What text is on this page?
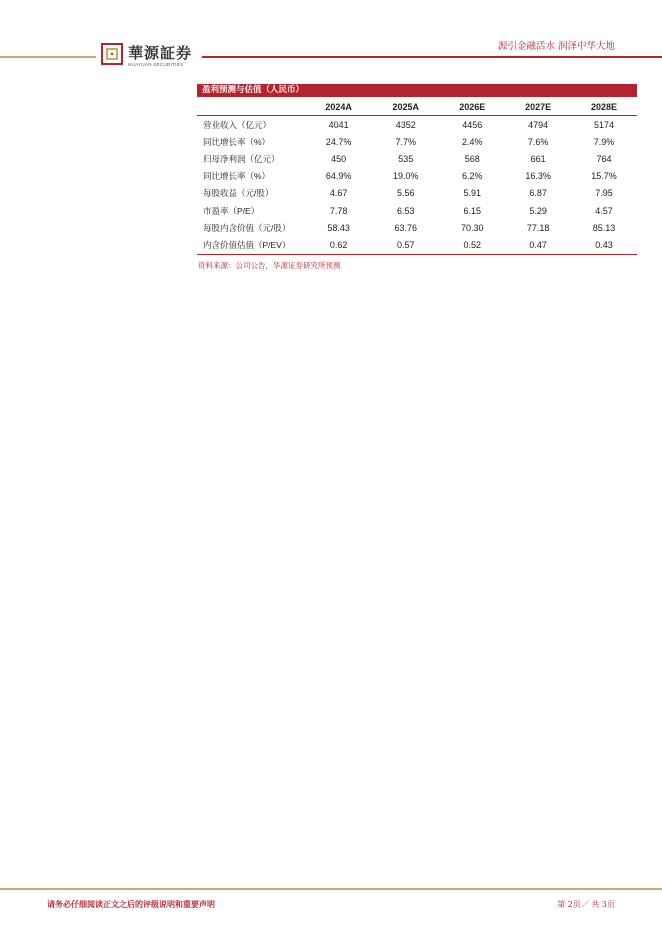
華源証券
HUAYUAN SECURITIES
源引金融活水 润泽中华大地
盈利预测与估值（人民币）
	2024A	2025A	2026E	2027E	2028E
营业收入（亿元）	4041	4352	4456	4794	5174
同比增长率（%）	24.7%	7.7%	2.4%	7.6%	7.9%
归母净利润（亿元）	450	535	568	661	764
同比增长率（%）	64.9%	19.0%	6.2%	16.3%	15.7%
每股收益（元/股）	4.67	5.56	5.91	6.87	7.95
市盈率（P/E）	7.78	6.53	6.15	5.29	4.57
每股内含价值（元/股）	58.43	63.76	70.30	77.18	85.13
内含价值估值（P/EV）	0.62	0.57	0.52	0.47	0.43
资料来源：公司公告，华源证券研究所预测
请务必仔细阅读正文之后的评级说明和重要声明	第 2页／ 共 3页
